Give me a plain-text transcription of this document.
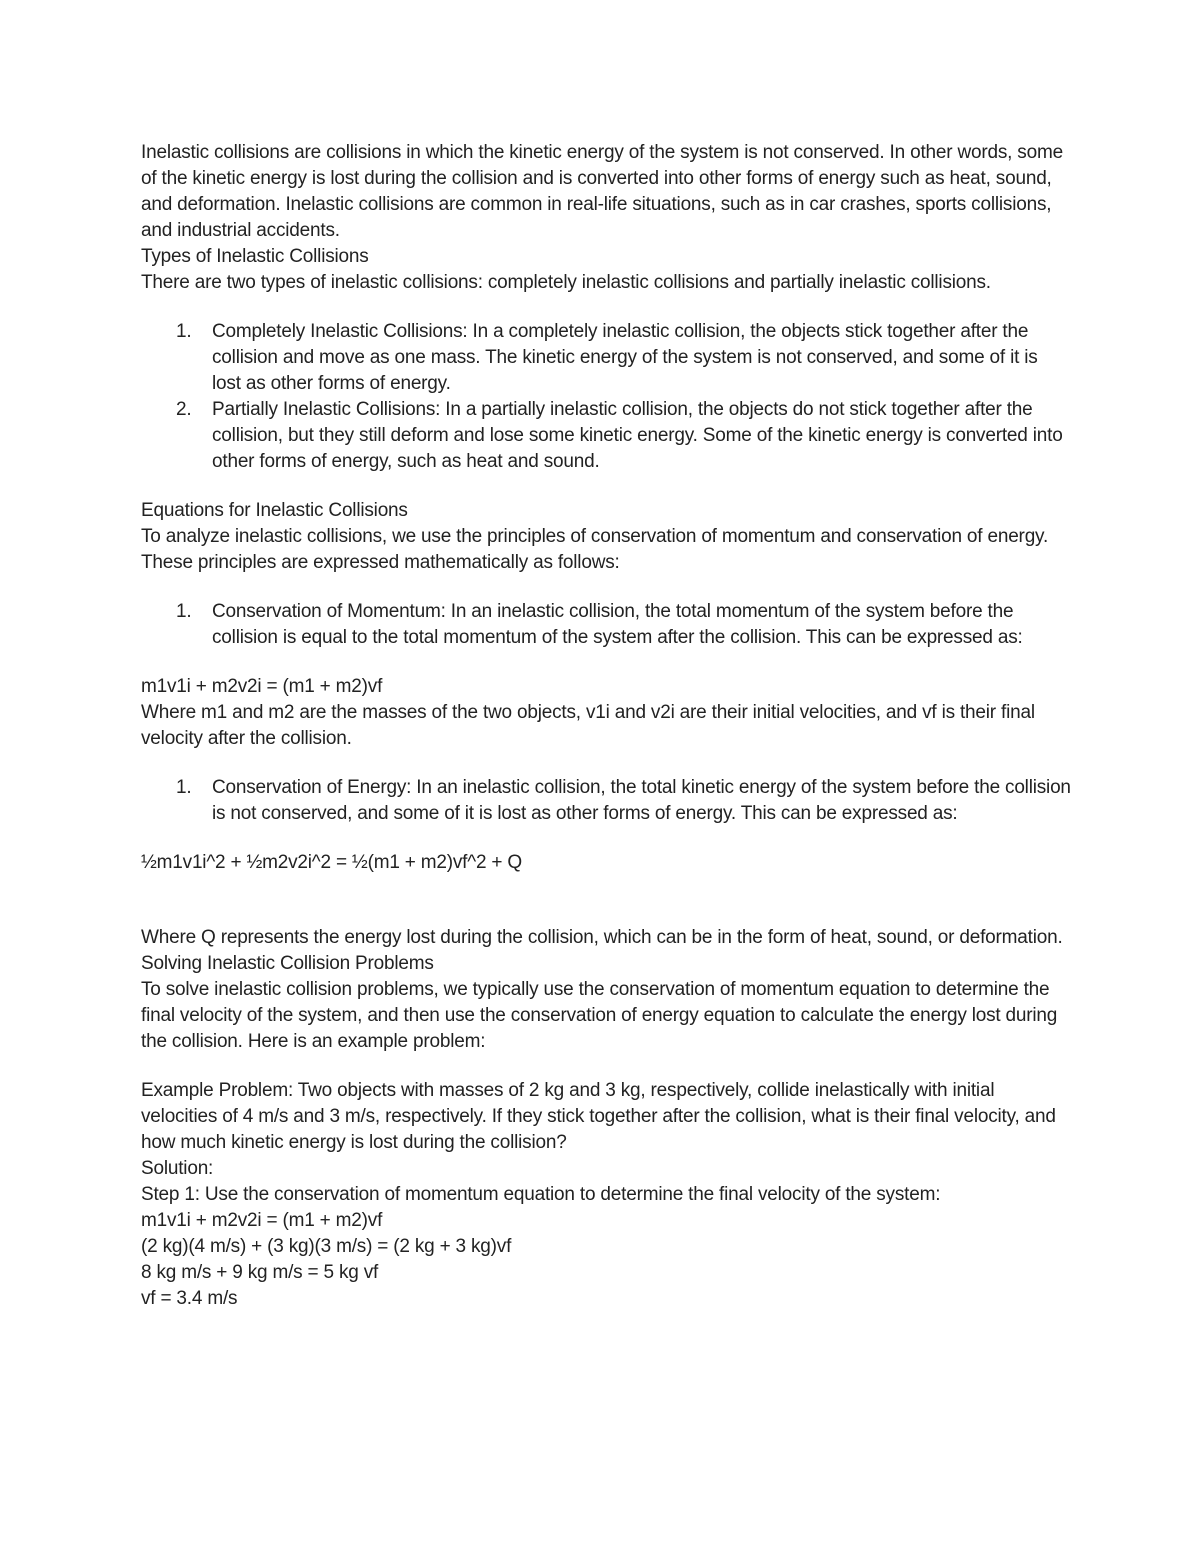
Inelastic collisions are collisions in which the kinetic energy of the system is not conserved. In other words, some of the kinetic energy is lost during the collision and is converted into other forms of energy such as heat, sound, and deformation. Inelastic collisions are common in real-life situations, such as in car crashes, sports collisions, and industrial accidents.

Types of Inelastic Collisions

There are two types of inelastic collisions: completely inelastic collisions and partially inelastic collisions.

1. Completely Inelastic Collisions: In a completely inelastic collision, the objects stick together after the collision and move as one mass. The kinetic energy of the system is not conserved, and some of it is lost as other forms of energy.
2. Partially Inelastic Collisions: In a partially inelastic collision, the objects do not stick together after the collision, but they still deform and lose some kinetic energy. Some of the kinetic energy is converted into other forms of energy, such as heat and sound.

Equations for Inelastic Collisions

To analyze inelastic collisions, we use the principles of conservation of momentum and conservation of energy. These principles are expressed mathematically as follows:

1. Conservation of Momentum: In an inelastic collision, the total momentum of the system before the collision is equal to the total momentum of the system after the collision. This can be expressed as:

m1v1i + m2v2i = (m1 + m2)vf

Where m1 and m2 are the masses of the two objects, v1i and v2i are their initial velocities, and vf is their final velocity after the collision.

1. Conservation of Energy: In an inelastic collision, the total kinetic energy of the system before the collision is not conserved, and some of it is lost as other forms of energy. This can be expressed as:

½m1v1i^2 + ½m2v2i^2 = ½(m1 + m2)vf^2 + Q

Where Q represents the energy lost during the collision, which can be in the form of heat, sound, or deformation.

Solving Inelastic Collision Problems

To solve inelastic collision problems, we typically use the conservation of momentum equation to determine the final velocity of the system, and then use the conservation of energy equation to calculate the energy lost during the collision. Here is an example problem:

Example Problem: Two objects with masses of 2 kg and 3 kg, respectively, collide inelastically with initial velocities of 4 m/s and 3 m/s, respectively. If they stick together after the collision, what is their final velocity, and how much kinetic energy is lost during the collision?

Solution:

Step 1: Use the conservation of momentum equation to determine the final velocity of the system:

m1v1i + m2v2i = (m1 + m2)vf

(2 kg)(4 m/s) + (3 kg)(3 m/s) = (2 kg + 3 kg)vf

8 kg m/s + 9 kg m/s = 5 kg vf

vf = 3.4 m/s
